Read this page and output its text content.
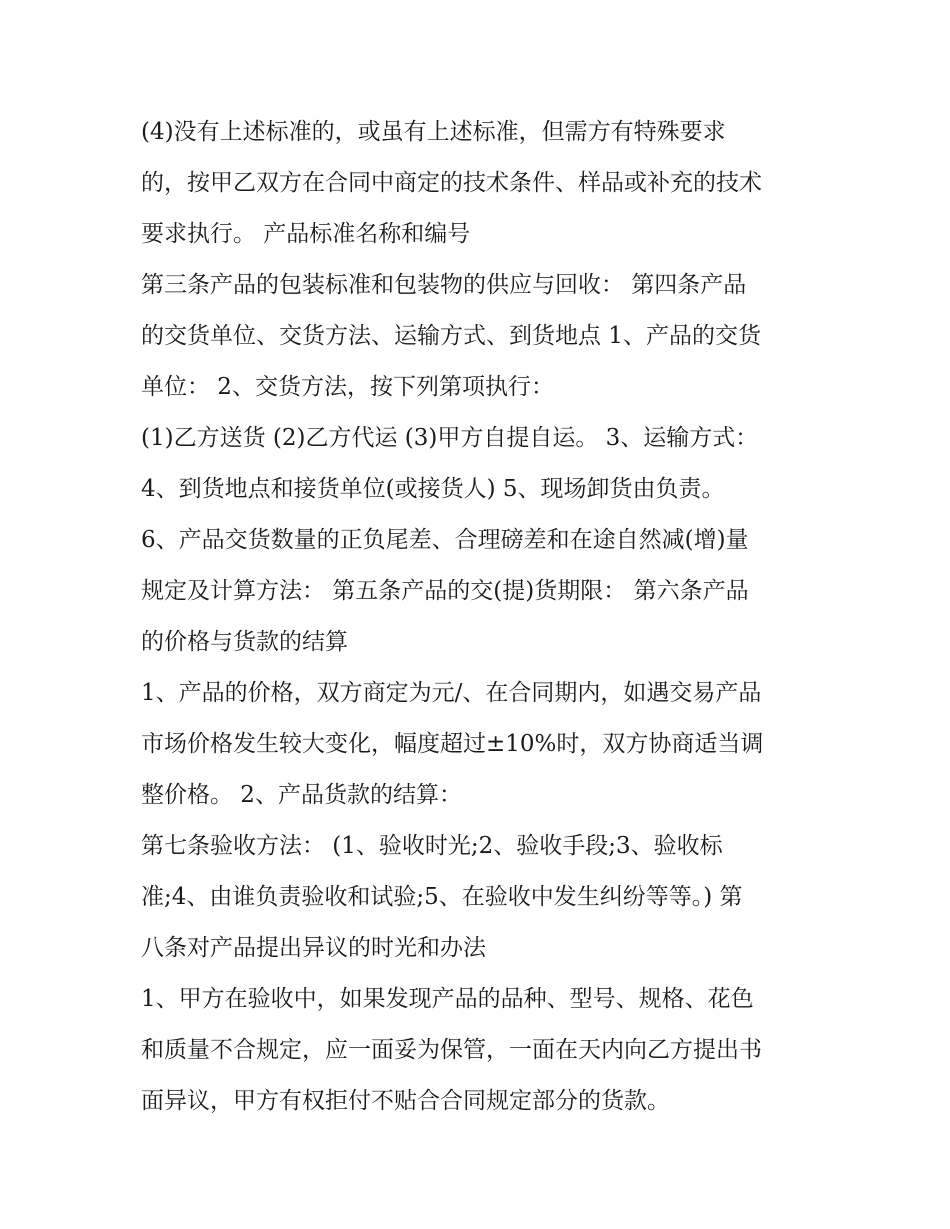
(4)没有上述标准的，或虽有上述标准，但需方有特殊要求
的，按甲乙双方在合同中商定的技术条件、样品或补充的技术
要求执行。 产品标准名称和编号
第三条产品的包装标准和包装物的供应与回收： 第四条产品
的交货单位、交货方法、运输方式、到货地点 1、产品的交货
单位： 2、交货方法，按下列第项执行：
(1)乙方送货 (2)乙方代运 (3)甲方自提自运。 3、运输方式：
4、到货地点和接货单位(或接货人) 5、现场卸货由负责。
6、产品交货数量的正负尾差、合理磅差和在途自然减(增)量
规定及计算方法： 第五条产品的交(提)货期限： 第六条产品
的价格与货款的结算
1、产品的价格，双方商定为元/、在合同期内，如遇交易产品
市场价格发生较大变化，幅度超过±10%时，双方协商适当调
整价格。 2、产品货款的结算：
第七条验收方法： (1、验收时光;2、验收手段;3、验收标
准;4、由谁负责验收和试验;5、在验收中发生纠纷等等。) 第
八条对产品提出异议的时光和办法
1、甲方在验收中，如果发现产品的品种、型号、规格、花色
和质量不合规定，应一面妥为保管，一面在天内向乙方提出书
面异议，甲方有权拒付不贴合合同规定部分的货款。
